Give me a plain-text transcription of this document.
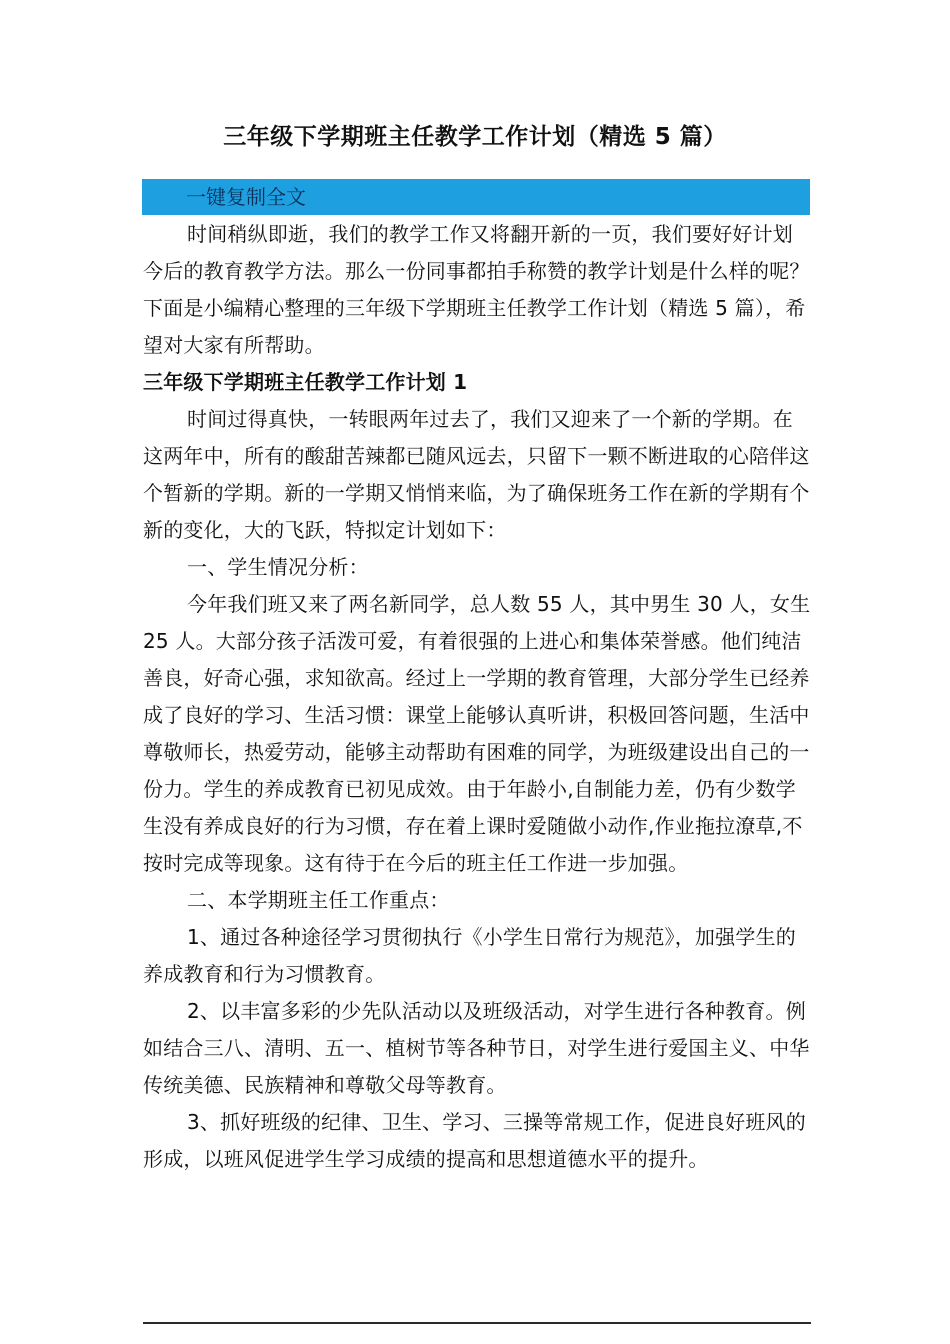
三年级下学期班主任教学工作计划（精选 5 篇）
一键复制全文

时间稍纵即逝，我们的教学工作又将翻开新的一页，我们要好好计划今后的教育教学方法。那么一份同事都拍手称赞的教学计划是什么样的呢？下面是小编精心整理的三年级下学期班主任教学工作计划（精选 5 篇），希望对大家有所帮助。

三年级下学期班主任教学工作计划 1

时间过得真快，一转眼两年过去了，我们又迎来了一个新的学期。在这两年中，所有的酸甜苦辣都已随风远去，只留下一颗不断进取的心陪伴这个暂新的学期。新的一学期又悄悄来临，为了确保班务工作在新的学期有个新的变化，大的飞跃，特拟定计划如下：

一、学生情况分析：

今年我们班又来了两名新同学，总人数 55 人，其中男生 30 人，女生 25 人。大部分孩子活泼可爱，有着很强的上进心和集体荣誉感。他们纯洁善良，好奇心强，求知欲高。经过上一学期的教育管理，大部分学生已经养成了良好的学习、生活习惯：课堂上能够认真听讲，积极回答问题，生活中尊敬师长，热爱劳动，能够主动帮助有困难的同学，为班级建设出自己的一份力。学生的养成教育已初见成效。由于年龄小,自制能力差，仍有少数学生没有养成良好的行为习惯，存在着上课时爱随做小动作,作业拖拉潦草,不按时完成等现象。这有待于在今后的班主任工作进一步加强。

二、本学期班主任工作重点：

1、通过各种途径学习贯彻执行《小学生日常行为规范》，加强学生的养成教育和行为习惯教育。

2、以丰富多彩的少先队活动以及班级活动，对学生进行各种教育。例如结合三八、清明、五一、植树节等各种节日，对学生进行爱国主义、中华传统美德、民族精神和尊敬父母等教育。

3、抓好班级的纪律、卫生、学习、三操等常规工作，促进良好班风的形成，以班风促进学生学习成绩的提高和思想道德水平的提升。
